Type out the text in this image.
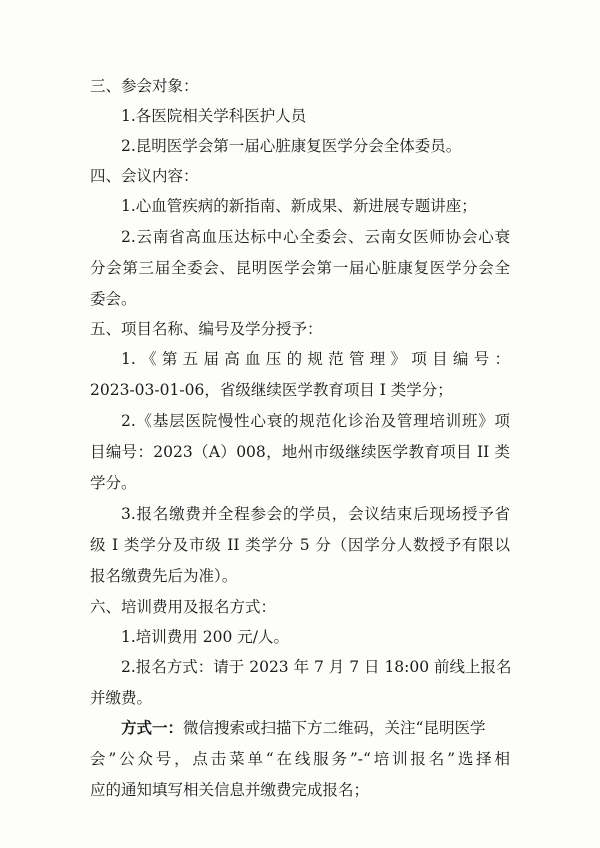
三、参会对象：
1.各医院相关学科医护人员
2.昆明医学会第一届心脏康复医学分会全体委员。
四、会议内容：
1.心血管疾病的新指南、新成果、新进展专题讲座；
2.云南省高血压达标中心全委会、云南女医师协会心衰
分会第三届全委会、昆明医学会第一届心脏康复医学分会全
委会。
五、项目名称、编号及学分授予：
1.《第五届高血压的规范管理》项目编号：
2023-03-01-06，省级继续医学教育项目 I 类学分；
2.《基层医院慢性心衰的规范化诊治及管理培训班》项
目编号：2023（A）008，地州市级继续医学教育项目 II 类
学分。
3.报名缴费并全程参会的学员，会议结束后现场授予省
级 I 类学分及市级 II 类学分 5 分（因学分人数授予有限以
报名缴费先后为准）。
六、培训费用及报名方式：
1.培训费用 200 元/人。
2.报名方式：请于 2023 年 7 月 7 日 18:00 前线上报名
并缴费。
方式一：微信搜索或扫描下方二维码，关注“昆明医学
会”公众号，点击菜单“在线服务”-“培训报名”选择相
应的通知填写相关信息并缴费完成报名；
